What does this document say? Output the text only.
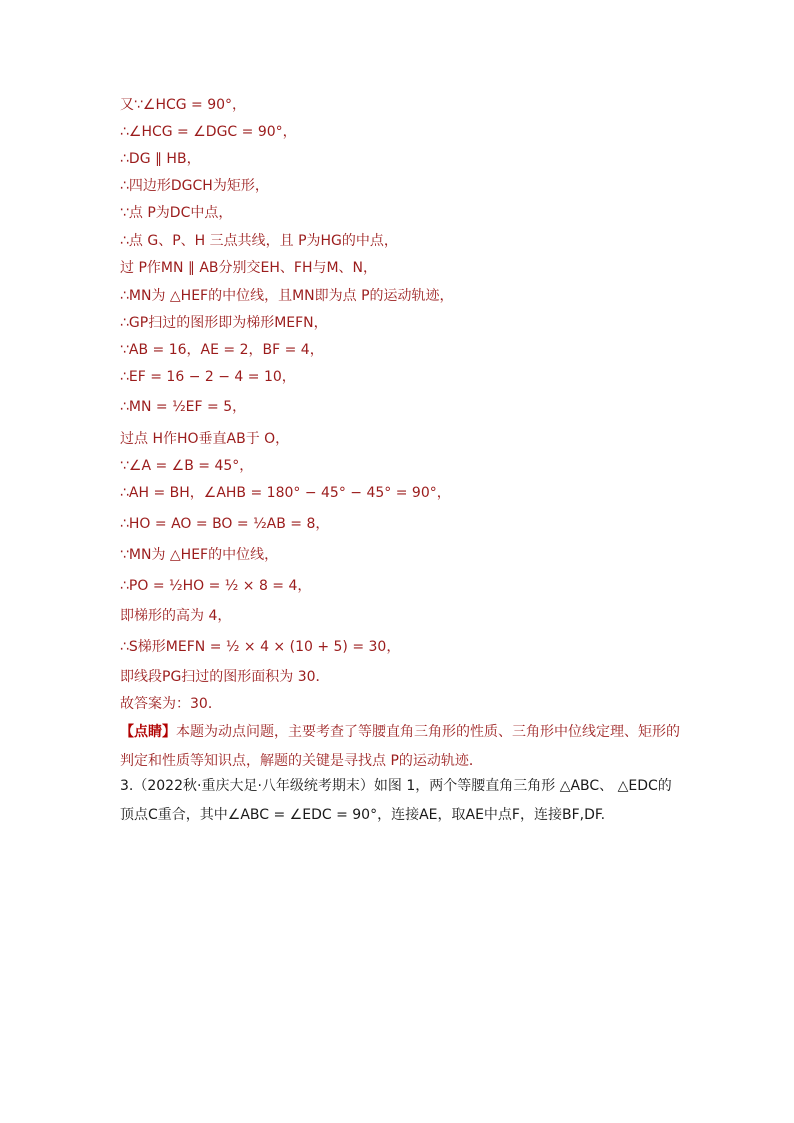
又∵∠HCG = 90°，
∴∠HCG = ∠DGC = 90°，
∴DG ∥ HB，
∴四边形DGCH为矩形，
∵点 P为DC中点，
∴点 G、P、H 三点共线，且 P为HG的中点，
过 P作MN ∥ AB分别交EH、FH与M、N，
∴MN为 △HEF的中位线，且MN即为点 P的运动轨迹，
∴GP扫过的图形即为梯形MEFN，
∵AB = 16，AE = 2，BF = 4，
∴EF = 16 − 2 − 4 = 10，
∴MN = ½EF = 5，
过点 H作HO垂直AB于 O，
∵∠A = ∠B = 45°，
∴AH = BH，∠AHB = 180° − 45° − 45° = 90°，
∴HO = AO = BO = ½AB = 8，
∵MN为 △HEF的中位线，
∴PO = ½HO = ½ × 8 = 4，
即梯形的高为 4，
∴S梯形MEFN = ½ × 4 × (10 + 5) = 30，
即线段PG扫过的图形面积为 30．
故答案为：30．
【点睛】本题为动点问题，主要考查了等腰直角三角形的性质、三角形中位线定理、矩形的判定和性质等知识点，解题的关键是寻找点 P的运动轨迹．
3.（2022秋·重庆大足·八年级统考期末）如图 1，两个等腰直角三角形 △ABC、 △EDC的顶点C重合，其中∠ABC = ∠EDC = 90°，连接AE，取AE中点F，连接BF,DF.
